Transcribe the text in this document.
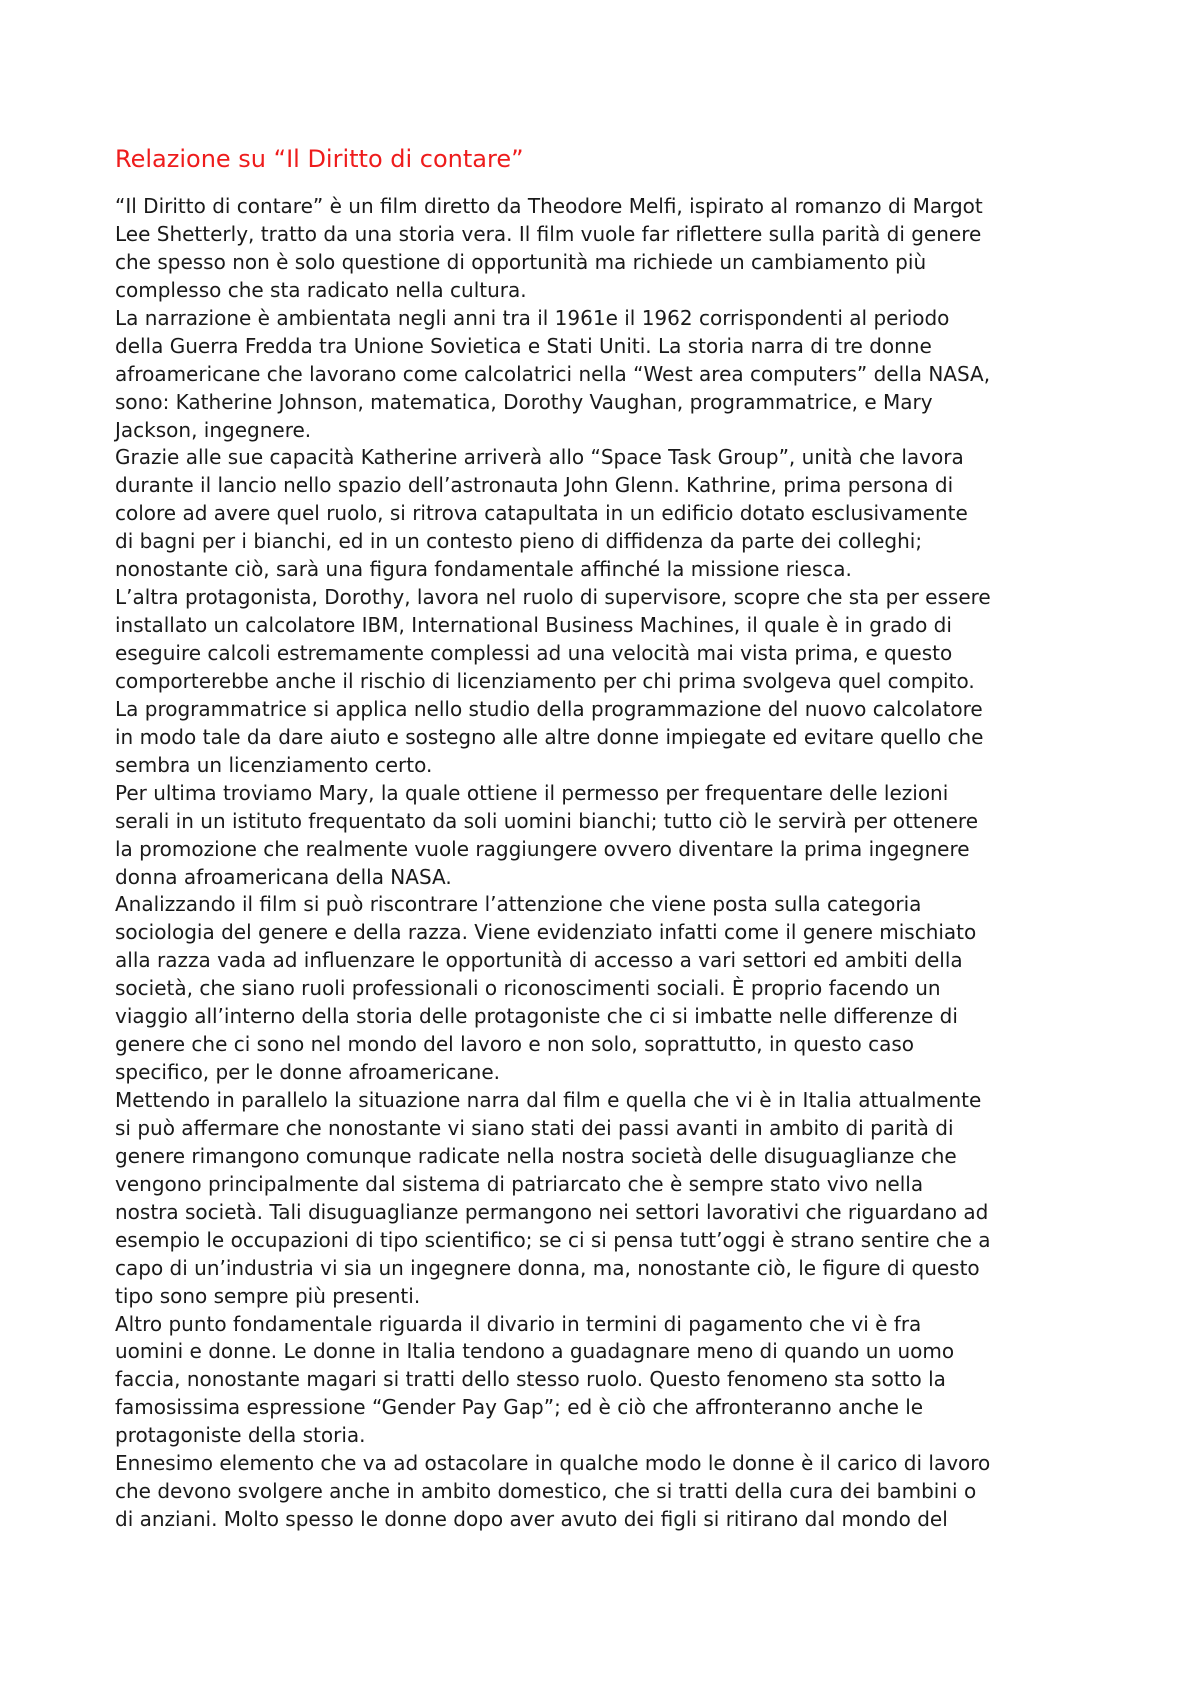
Relazione su “Il Diritto di contare”
“Il Diritto di contare” è un film diretto da Theodore Melfi, ispirato al romanzo di Margot
Lee Shetterly, tratto da una storia vera. Il film vuole far riflettere sulla parità di genere
che spesso non è solo questione di opportunità ma richiede un cambiamento più
complesso che sta radicato nella cultura.
La narrazione è ambientata negli anni tra il 1961e il 1962 corrispondenti al periodo
della Guerra Fredda tra Unione Sovietica e Stati Uniti. La storia narra di tre donne
afroamericane che lavorano come calcolatrici nella “West area computers” della NASA,
sono: Katherine Johnson, matematica, Dorothy Vaughan, programmatrice, e Mary
Jackson, ingegnere.
Grazie alle sue capacità Katherine arriverà allo “Space Task Group”, unità che lavora
durante il lancio nello spazio dell’astronauta John Glenn. Kathrine, prima persona di
colore ad avere quel ruolo, si ritrova catapultata in un edificio dotato esclusivamente
di bagni per i bianchi, ed in un contesto pieno di diffidenza da parte dei colleghi;
nonostante ciò, sarà una figura fondamentale affinché la missione riesca.
L’altra protagonista, Dorothy, lavora nel ruolo di supervisore, scopre che sta per essere
installato un calcolatore IBM, International Business Machines, il quale è in grado di
eseguire calcoli estremamente complessi ad una velocità mai vista prima, e questo
comporterebbe anche il rischio di licenziamento per chi prima svolgeva quel compito.
La programmatrice si applica nello studio della programmazione del nuovo calcolatore
in modo tale da dare aiuto e sostegno alle altre donne impiegate ed evitare quello che
sembra un licenziamento certo.
Per ultima troviamo Mary, la quale ottiene il permesso per frequentare delle lezioni
serali in un istituto frequentato da soli uomini bianchi; tutto ciò le servirà per ottenere
la promozione che realmente vuole raggiungere ovvero diventare la prima ingegnere
donna afroamericana della NASA.
Analizzando il film si può riscontrare l’attenzione che viene posta sulla categoria
sociologia del genere e della razza. Viene evidenziato infatti come il genere mischiato
alla razza vada ad influenzare le opportunità di accesso a vari settori ed ambiti della
società, che siano ruoli professionali o riconoscimenti sociali. È proprio facendo un
viaggio all’interno della storia delle protagoniste che ci si imbatte nelle differenze di
genere che ci sono nel mondo del lavoro e non solo, soprattutto, in questo caso
specifico, per le donne afroamericane.
Mettendo in parallelo la situazione narra dal film e quella che vi è in Italia attualmente
si può affermare che nonostante vi siano stati dei passi avanti in ambito di parità di
genere rimangono comunque radicate nella nostra società delle disuguaglianze che
vengono principalmente dal sistema di patriarcato che è sempre stato vivo nella
nostra società. Tali disuguaglianze permangono nei settori lavorativi che riguardano ad
esempio le occupazioni di tipo scientifico; se ci si pensa tutt’oggi è strano sentire che a
capo di un’industria vi sia un ingegnere donna, ma, nonostante ciò, le figure di questo
tipo sono sempre più presenti.
Altro punto fondamentale riguarda il divario in termini di pagamento che vi è fra
uomini e donne. Le donne in Italia tendono a guadagnare meno di quando un uomo
faccia, nonostante magari si tratti dello stesso ruolo. Questo fenomeno sta sotto la
famosissima espressione “Gender Pay Gap”; ed è ciò che affronteranno anche le
protagoniste della storia.
Ennesimo elemento che va ad ostacolare in qualche modo le donne è il carico di lavoro
che devono svolgere anche in ambito domestico, che si tratti della cura dei bambini o
di anziani. Molto spesso le donne dopo aver avuto dei figli si ritirano dal mondo del
